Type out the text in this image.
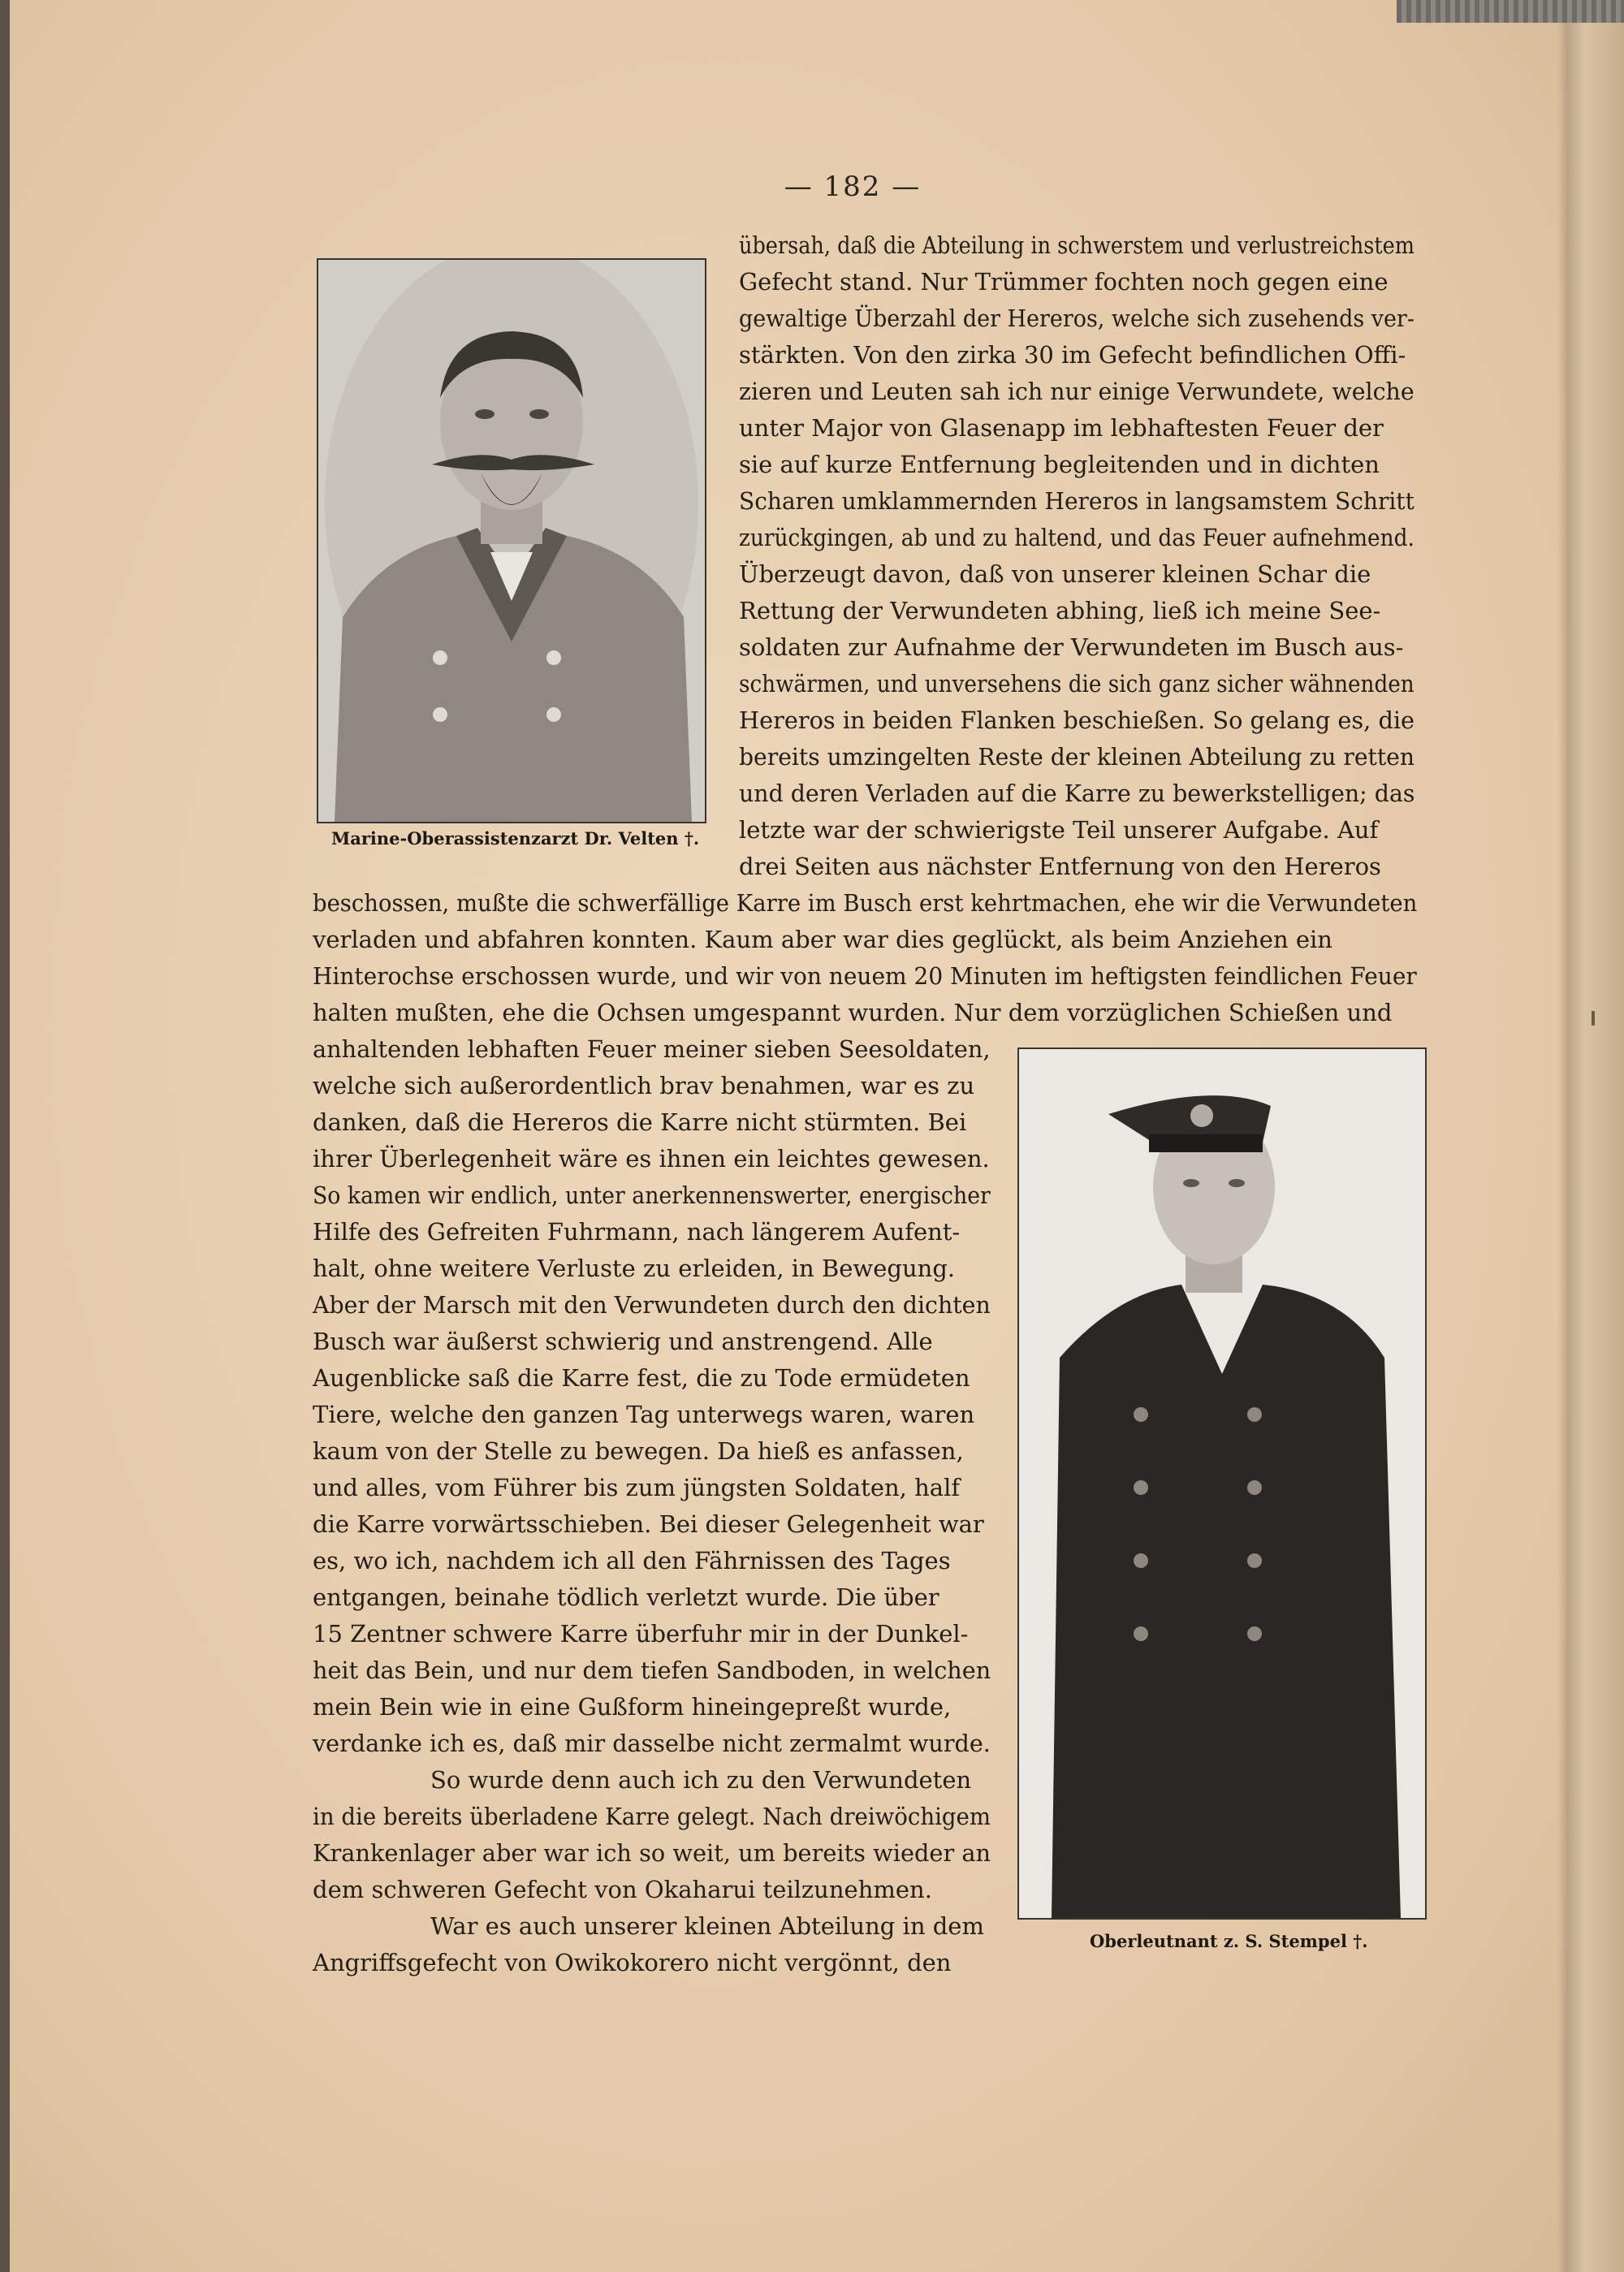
— 182 —
Marine-Oberassistenzarzt Dr. Velten †.
Oberleutnant z. S. Stempel †.
übersah, daß die Abteilung in schwerstem und verlustreichstem
Gefecht stand. Nur Trümmer fochten noch gegen eine
gewaltige Überzahl der Hereros, welche sich zusehends ver-
stärkten. Von den zirka 30 im Gefecht befindlichen Offi-
zieren und Leuten sah ich nur einige Verwundete, welche
unter Major von Glasenapp im lebhaftesten Feuer der
sie auf kurze Entfernung begleitenden und in dichten
Scharen umklammernden Hereros in langsamstem Schritt
zurückgingen, ab und zu haltend, und das Feuer aufnehmend.
Überzeugt davon, daß von unserer kleinen Schar die
Rettung der Verwundeten abhing, ließ ich meine See-
soldaten zur Aufnahme der Verwundeten im Busch aus-
schwärmen, und unversehens die sich ganz sicher wähnenden
Hereros in beiden Flanken beschießen. So gelang es, die
bereits umzingelten Reste der kleinen Abteilung zu retten
und deren Verladen auf die Karre zu bewerkstelligen; das
letzte war der schwierigste Teil unserer Aufgabe. Auf
drei Seiten aus nächster Entfernung von den Hereros
beschossen, mußte die schwerfällige Karre im Busch erst kehrtmachen, ehe wir die Verwundeten
verladen und abfahren konnten. Kaum aber war dies geglückt, als beim Anziehen ein
Hinterochse erschossen wurde, und wir von neuem 20 Minuten im heftigsten feindlichen Feuer
halten mußten, ehe die Ochsen umgespannt wurden. Nur dem vorzüglichen Schießen und
anhaltenden lebhaften Feuer meiner sieben Seesoldaten,
welche sich außerordentlich brav benahmen, war es zu
danken, daß die Hereros die Karre nicht stürmten. Bei
ihrer Überlegenheit wäre es ihnen ein leichtes gewesen.
So kamen wir endlich, unter anerkennenswerter, energischer
Hilfe des Gefreiten Fuhrmann, nach längerem Aufent-
halt, ohne weitere Verluste zu erleiden, in Bewegung.
Aber der Marsch mit den Verwundeten durch den dichten
Busch war äußerst schwierig und anstrengend. Alle
Augenblicke saß die Karre fest, die zu Tode ermüdeten
Tiere, welche den ganzen Tag unterwegs waren, waren
kaum von der Stelle zu bewegen. Da hieß es anfassen,
und alles, vom Führer bis zum jüngsten Soldaten, half
die Karre vorwärtsschieben. Bei dieser Gelegenheit war
es, wo ich, nachdem ich all den Fährnissen des Tages
entgangen, beinahe tödlich verletzt wurde. Die über
15 Zentner schwere Karre überfuhr mir in der Dunkel-
heit das Bein, und nur dem tiefen Sandboden, in welchen
mein Bein wie in eine Gußform hineingepreßt wurde,
verdanke ich es, daß mir dasselbe nicht zermalmt wurde.
So wurde denn auch ich zu den Verwundeten
in die bereits überladene Karre gelegt. Nach dreiwöchigem
Krankenlager aber war ich so weit, um bereits wieder an
dem schweren Gefecht von Okaharui teilzunehmen.
War es auch unserer kleinen Abteilung in dem
Angriffsgefecht von Owikokorero nicht vergönnt, den
